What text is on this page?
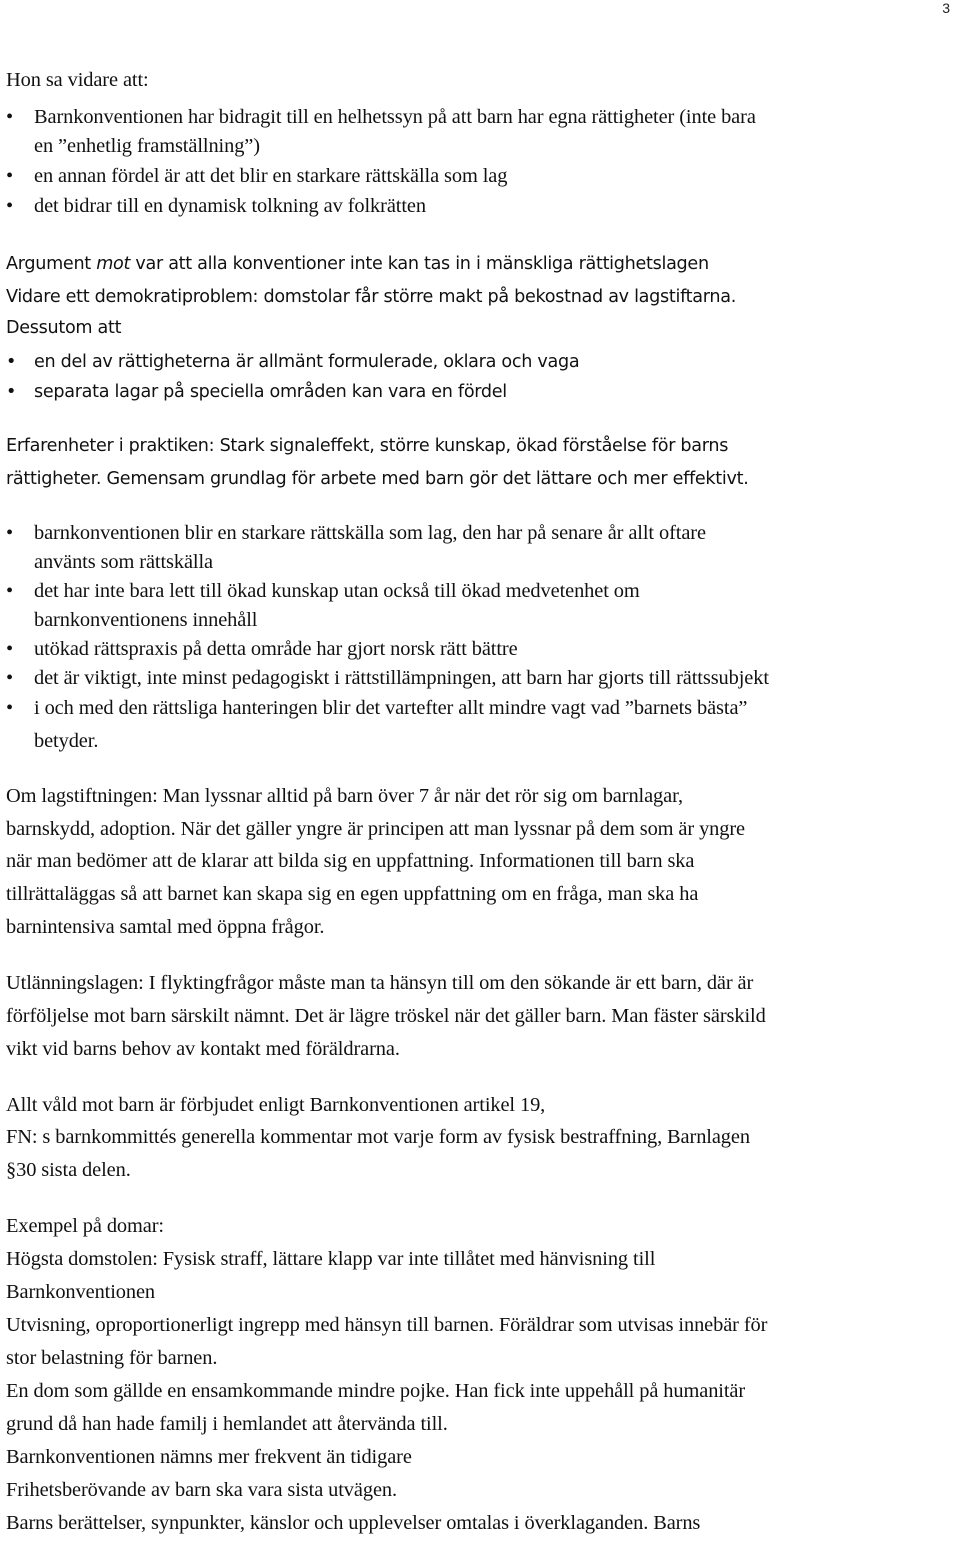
3
Hon sa vidare att:
• Barnkonventionen har bidragit till en helhetssyn på att barn har egna rättigheter (inte bara
en ”enhetlig framställning”)
• en annan fördel är att det blir en starkare rättskälla som lag
• det bidrar till en dynamisk tolkning av folkrätten
Argument mot var att alla konventioner inte kan tas in i mänskliga rättighetslagen
Vidare ett demokratiproblem: domstolar får större makt på bekostnad av lagstiftarna.
Dessutom att
• en del av rättigheterna är allmänt formulerade, oklara och vaga
• separata lagar på speciella områden kan vara en fördel
Erfarenheter i praktiken: Stark signaleffekt, större kunskap, ökad förståelse för barns
rättigheter. Gemensam grundlag för arbete med barn gör det lättare och mer effektivt.
• barnkonventionen blir en starkare rättskälla som lag, den har på senare år allt oftare
använts som rättskälla
• det har inte bara lett till ökad kunskap utan också till ökad medvetenhet om
barnkonventionens innehåll
• utökad rättspraxis på detta område har gjort norsk rätt bättre
• det är viktigt, inte minst pedagogiskt i rättstillämpningen, att barn har gjorts till rättssubjekt
• i och med den rättsliga hanteringen blir det vartefter allt mindre vagt vad ”barnets bästa”
betyder.
Om lagstiftningen: Man lyssnar alltid på barn över 7 år när det rör sig om barnlagar,
barnskydd, adoption. När det gäller yngre är principen att man lyssnar på dem som är yngre
när man bedömer att de klarar att bilda sig en uppfattning. Informationen till barn ska
tillrättaläggas så att barnet kan skapa sig en egen uppfattning om en fråga, man ska ha
barnintensiva samtal med öppna frågor.
Utlänningslagen: I flyktingfrågor måste man ta hänsyn till om den sökande är ett barn, där är
förföljelse mot barn särskilt nämnt. Det är lägre tröskel när det gäller barn. Man fäster särskild
vikt vid barns behov av kontakt med föräldrarna.
Allt våld mot barn är förbjudet enligt Barnkonventionen artikel 19,
FN: s barnkommittés generella kommentar mot varje form av fysisk bestraffning, Barnlagen
§30 sista delen.
Exempel på domar:
Högsta domstolen: Fysisk straff, lättare klapp var inte tillåtet med hänvisning till
Barnkonventionen
Utvisning, oproportionerligt ingrepp med hänsyn till barnen. Föräldrar som utvisas innebär för
stor belastning för barnen.
En dom som gällde en ensamkommande mindre pojke. Han fick inte uppehåll på humanitär
grund då han hade familj i hemlandet att återvända till.
Barnkonventionen nämns mer frekvent än tidigare
Frihetsberövande av barn ska vara sista utvägen.
Barns berättelser, synpunkter, känslor och upplevelser omtalas i överklaganden. Barns
